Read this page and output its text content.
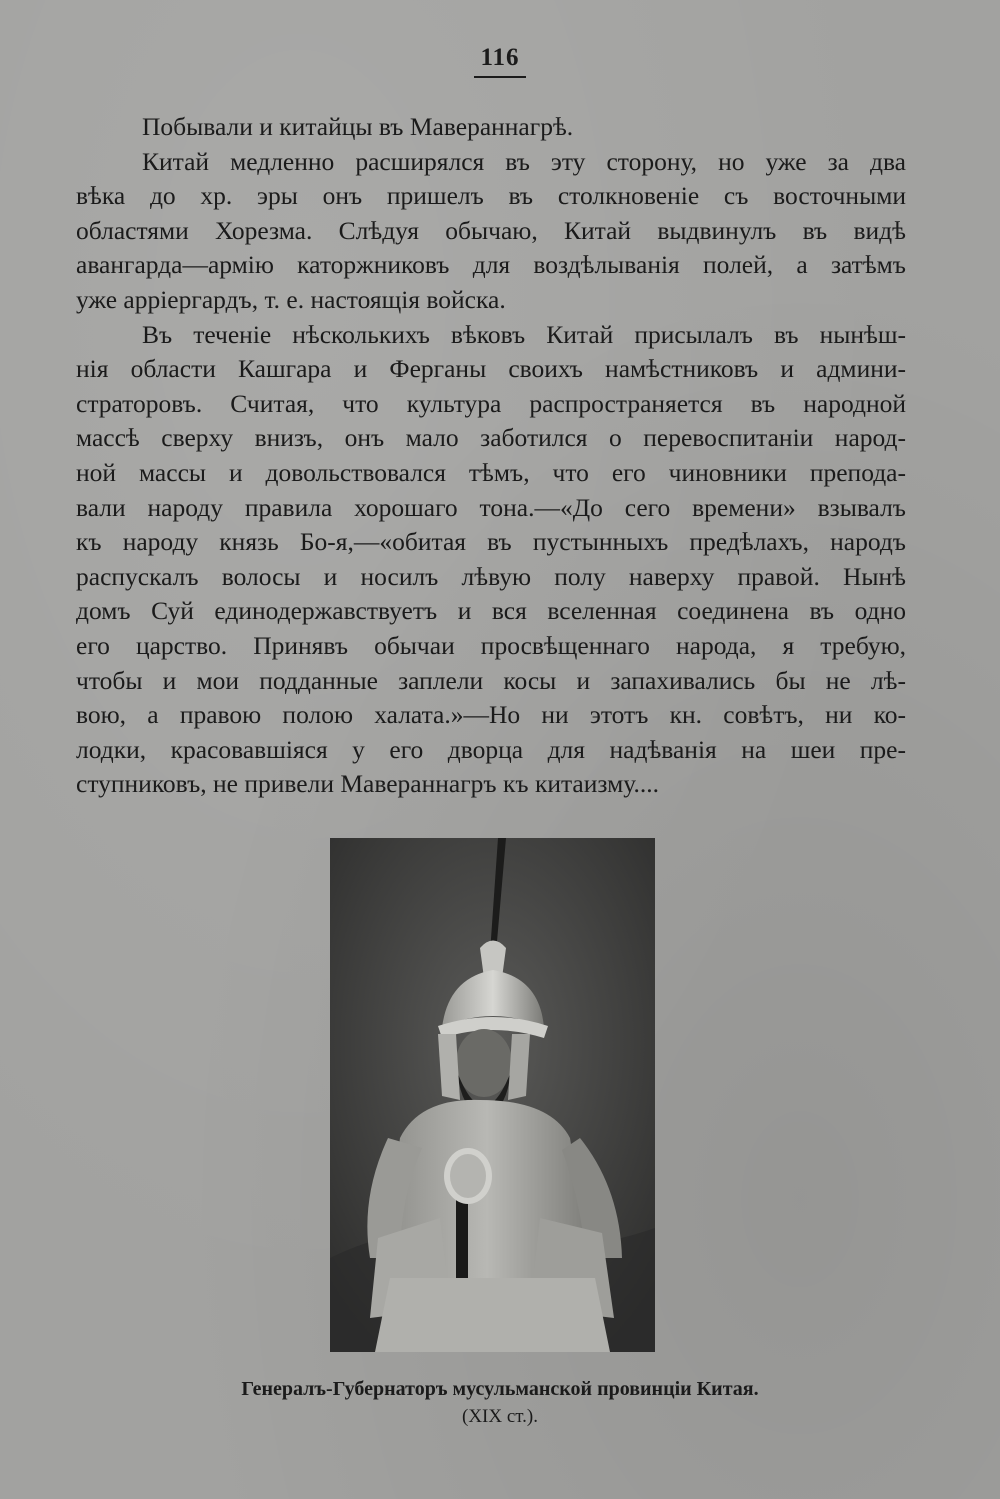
116
Побывали и китайцы въ Мавераннагрѣ.
Китай медленно расширялся въ эту сторону, но уже за два
вѣка до хр. эры онъ пришелъ въ столкновеніе съ восточными
областями Хорезма. Слѣдуя обычаю, Китай выдвинулъ въ видѣ
авангарда—армію каторжниковъ для воздѣлыванія полей, а затѣмъ
уже арріергардъ, т. е. настоящія войска.
Въ теченіе нѣсколькихъ вѣковъ Китай присылалъ въ нынѣш-
нія области Кашгара и Ферганы своихъ намѣстниковъ и админи-
страторовъ. Считая, что культура распространяется въ народной
массѣ сверху внизъ, онъ мало заботился о перевоспитаніи народ-
ной массы и довольствовался тѣмъ, что его чиновники препода-
вали народу правила хорошаго тона.—«До сего времени» взывалъ
къ народу князь Бо-я,—«обитая въ пустынныхъ предѣлахъ, народъ
распускалъ волосы и носилъ лѣвую полу наверху правой. Нынѣ
домъ Суй единодержавствуетъ и вся вселенная соединена въ одно
его царство. Принявъ обычаи просвѣщеннаго народа, я требую,
чтобы и мои подданные заплели косы и запахивались бы не лѣ-
вою, а правою полою халата.»—Но ни этотъ кн. совѣтъ, ни ко-
лодки, красовавшіяся у его дворца для надѣванія на шеи пре-
ступниковъ, не привели Мавераннагръ къ китаизму....
Генералъ-Губернаторъ мусульманской провинціи Китая.
(XIX ст.).
